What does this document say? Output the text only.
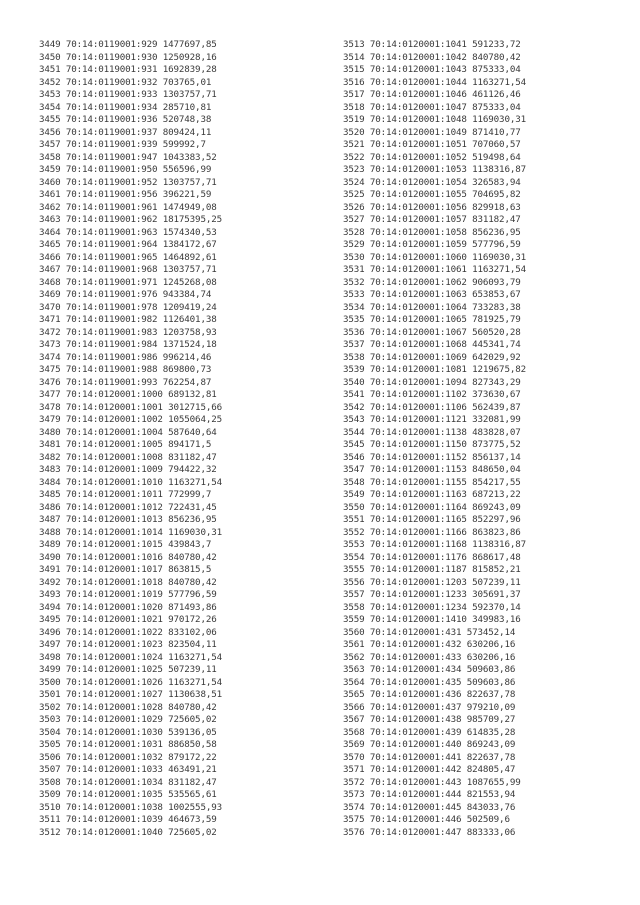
3449 70:14:0119001:929 1477697,85
3450 70:14:0119001:930 1250928,16
3451 70:14:0119001:931 1692839,28
3452 70:14:0119001:932 703765,01
3453 70:14:0119001:933 1303757,71
3454 70:14:0119001:934 285710,81
3455 70:14:0119001:936 520748,38
3456 70:14:0119001:937 809424,11
3457 70:14:0119001:939 599992,7
3458 70:14:0119001:947 1043383,52
3459 70:14:0119001:950 556596,99
3460 70:14:0119001:952 1303757,71
3461 70:14:0119001:956 396221,59
3462 70:14:0119001:961 1474949,08
3463 70:14:0119001:962 18175395,25
3464 70:14:0119001:963 1574340,53
3465 70:14:0119001:964 1384172,67
3466 70:14:0119001:965 1464892,61
3467 70:14:0119001:968 1303757,71
3468 70:14:0119001:971 1245268,08
3469 70:14:0119001:976 943384,74
3470 70:14:0119001:978 1209419,24
3471 70:14:0119001:982 1126401,38
3472 70:14:0119001:983 1203758,93
3473 70:14:0119001:984 1371524,18
3474 70:14:0119001:986 996214,46
3475 70:14:0119001:988 869800,73
3476 70:14:0119001:993 762254,87
3477 70:14:0120001:1000 689132,81
3478 70:14:0120001:1001 3012715,66
3479 70:14:0120001:1002 1055064,25
3480 70:14:0120001:1004 587640,64
3481 70:14:0120001:1005 894171,5
3482 70:14:0120001:1008 831182,47
3483 70:14:0120001:1009 794422,32
3484 70:14:0120001:1010 1163271,54
3485 70:14:0120001:1011 772999,7
3486 70:14:0120001:1012 722431,45
3487 70:14:0120001:1013 856236,95
3488 70:14:0120001:1014 1169030,31
3489 70:14:0120001:1015 439843,7
3490 70:14:0120001:1016 840780,42
3491 70:14:0120001:1017 863815,5
3492 70:14:0120001:1018 840780,42
3493 70:14:0120001:1019 577796,59
3494 70:14:0120001:1020 871493,86
3495 70:14:0120001:1021 970172,26
3496 70:14:0120001:1022 833102,06
3497 70:14:0120001:1023 823504,11
3498 70:14:0120001:1024 1163271,54
3499 70:14:0120001:1025 507239,11
3500 70:14:0120001:1026 1163271,54
3501 70:14:0120001:1027 1130638,51
3502 70:14:0120001:1028 840780,42
3503 70:14:0120001:1029 725605,02
3504 70:14:0120001:1030 539136,05
3505 70:14:0120001:1031 886850,58
3506 70:14:0120001:1032 879172,22
3507 70:14:0120001:1033 463491,21
3508 70:14:0120001:1034 831182,47
3509 70:14:0120001:1035 535565,61
3510 70:14:0120001:1038 1002555,93
3511 70:14:0120001:1039 464673,59
3512 70:14:0120001:1040 725605,02
3513 70:14:0120001:1041 591233,72
3514 70:14:0120001:1042 840780,42
3515 70:14:0120001:1043 875333,04
3516 70:14:0120001:1044 1163271,54
3517 70:14:0120001:1046 461126,46
3518 70:14:0120001:1047 875333,04
3519 70:14:0120001:1048 1169030,31
3520 70:14:0120001:1049 871410,77
3521 70:14:0120001:1051 707060,57
3522 70:14:0120001:1052 519498,64
3523 70:14:0120001:1053 1138316,87
3524 70:14:0120001:1054 326583,94
3525 70:14:0120001:1055 704695,82
3526 70:14:0120001:1056 829918,63
3527 70:14:0120001:1057 831182,47
3528 70:14:0120001:1058 856236,95
3529 70:14:0120001:1059 577796,59
3530 70:14:0120001:1060 1169030,31
3531 70:14:0120001:1061 1163271,54
3532 70:14:0120001:1062 906093,79
3533 70:14:0120001:1063 653853,67
3534 70:14:0120001:1064 733283,38
3535 70:14:0120001:1065 781925,79
3536 70:14:0120001:1067 560520,28
3537 70:14:0120001:1068 445341,74
3538 70:14:0120001:1069 642029,92
3539 70:14:0120001:1081 1219675,82
3540 70:14:0120001:1094 827343,29
3541 70:14:0120001:1102 373630,67
3542 70:14:0120001:1106 562439,87
3543 70:14:0120001:1121 332081,99
3544 70:14:0120001:1138 483828,07
3545 70:14:0120001:1150 873775,52
3546 70:14:0120001:1152 856137,14
3547 70:14:0120001:1153 848650,04
3548 70:14:0120001:1155 854217,55
3549 70:14:0120001:1163 687213,22
3550 70:14:0120001:1164 869243,09
3551 70:14:0120001:1165 852297,96
3552 70:14:0120001:1166 863823,86
3553 70:14:0120001:1168 1138316,87
3554 70:14:0120001:1176 868617,48
3555 70:14:0120001:1187 815852,21
3556 70:14:0120001:1203 507239,11
3557 70:14:0120001:1233 305691,37
3558 70:14:0120001:1234 592370,14
3559 70:14:0120001:1410 349983,16
3560 70:14:0120001:431 573452,14
3561 70:14:0120001:432 630206,16
3562 70:14:0120001:433 630206,16
3563 70:14:0120001:434 509603,86
3564 70:14:0120001:435 509603,86
3565 70:14:0120001:436 822637,78
3566 70:14:0120001:437 979210,09
3567 70:14:0120001:438 985709,27
3568 70:14:0120001:439 614835,28
3569 70:14:0120001:440 869243,09
3570 70:14:0120001:441 822637,78
3571 70:14:0120001:442 824805,47
3572 70:14:0120001:443 1087655,99
3573 70:14:0120001:444 821553,94
3574 70:14:0120001:445 843033,76
3575 70:14:0120001:446 502509,6
3576 70:14:0120001:447 883333,06
